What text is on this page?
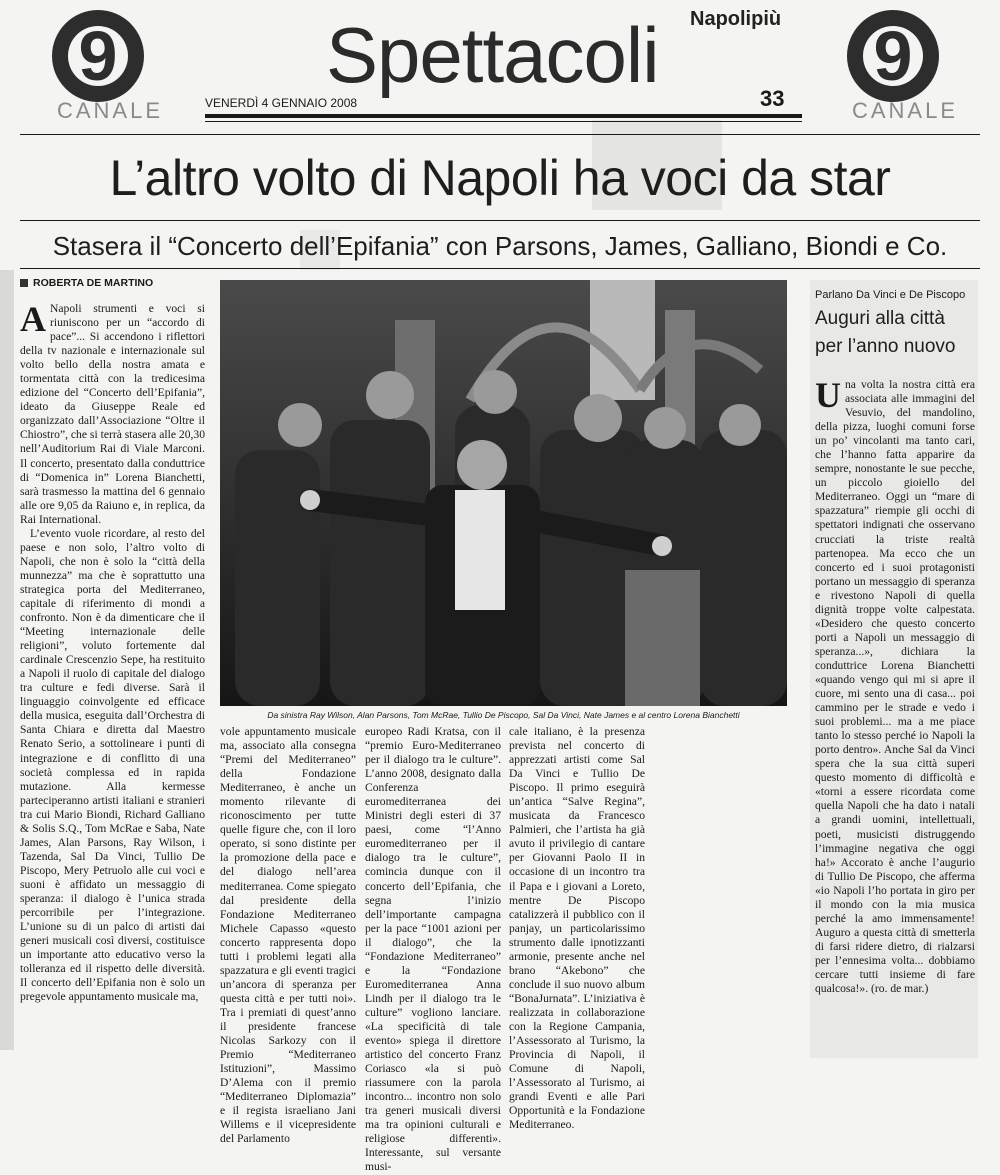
9
CANALE
9
CANALE
Napolipiù
Spettacoli
VENERDÌ 4 GENNAIO 2008	33
L’altro volto di Napoli ha voci da star
Stasera il “Concerto dell’Epifania” con Parsons, James, Galliano, Biondi e Co.
ROBERTA DE MARTINO

A Napoli strumenti e voci si riuniscono per un “accordo di pace”... Si accendono i riflettori della tv nazionale e internazionale sul volto bello della nostra amata e tormentata città con la tredicesima edizione del “Concerto dell’Epifania”, ideato da Giuseppe Reale ed organizzato dall’Associazione “Oltre il Chiostro”, che si terrà stasera alle 20,30 nell’Auditorium Rai di Viale Marconi. Il concerto, presentato dalla conduttrice di “Domenica in” Lorena Bianchetti, sarà trasmesso la mattina del 6 gennaio alle ore 9,05 da Raiuno e, in replica, da Rai International.

L’evento vuole ricordare, al resto del paese e non solo, l’altro volto di Napoli, che non è solo la “città della munnezza” ma che è soprattutto una strategica porta del Mediterraneo, capitale di riferimento di mondi a confronto. Non è da dimenticare che il “Meeting internazionale delle religioni”, voluto fortemente dal cardinale Crescenzio Sepe, ha restituito a Napoli il ruolo di capitale del dialogo tra culture e fedi diverse. Sarà il linguaggio coinvolgente ed efficace della musica, eseguita dall’Orchestra di Santa Chiara e diretta dal Maestro Renato Serio, a sottolineare i punti di integrazione e di conflitto di una società complessa ed in rapida mutazione. Alla kermesse parteciperanno artisti italiani e stranieri tra cui Mario Biondi, Richard Galliano & Solis S.Q., Tom McRae e Saba, Nate James, Alan Parsons, Ray Wilson, i Tazenda, Sal Da Vinci, Tullio De Piscopo, Mery Petruolo alle cui voci e suoni è affidato un messaggio di speranza: il dialogo è l’unica strada percorribile per l’integrazione. L’unione su di un palco di artisti dai generi musicali così diversi, costituisce un importante atto educativo verso la tolleranza ed il rispetto delle diversità. Il concerto dell’Epifania non è solo un pregevole appuntamento musicale ma,

Da sinistra Ray Wilson, Alan Parsons, Tom McRae, Tullio De Piscopo, Sal Da Vinci, Nate James e al centro Lorena Bianchetti
vole appuntamento musicale ma, associato alla consegna “Premi del Mediterraneo” della Fondazione Mediterraneo, è anche un momento rilevante di riconoscimento per tutte quelle figure che, con il loro operato, si sono distinte per la promozione della pace e del dialogo nell’area mediterranea. Come spiegato dal presidente della Fondazione Mediterraneo Michele Capasso «questo concerto rappresenta dopo tutti i problemi legati alla spazzatura e gli eventi tragici un’ancora di speranza per questa città e per tutti noi». Tra i premiati di quest’anno il presidente francese Nicolas Sarkozy con il Premio “Mediterraneo Istituzioni”, Massimo D’Alema con il premio “Mediterraneo Diplomazia” e il regista israeliano Jani Willems e il vicepresidente del Parlamento
europeo Radi Kratsa, con il “premio Euro-Mediterraneo per il dialogo tra le culture”. L’anno 2008, designato dalla Conferenza euromediterranea dei Ministri degli esteri di 37 paesi, come “l’Anno euromediterraneo per il dialogo tra le culture”, comincia dunque con il concerto dell’Epifania, che segna l’inizio dell’importante campagna per la pace “1001 azioni per il dialogo”, che la “Fondazione Mediterraneo” e la “Fondazione Euromediterranea Anna Lindh per il dialogo tra le culture” vogliono lanciare. «La specificità di tale evento» spiega il direttore artistico del concerto Franz Coriasco «la si può riassumere con la parola incontro... incontro non solo tra generi musicali diversi ma tra opinioni culturali e religiose differenti». Interessante, sul versante musi-
cale italiano, è la presenza prevista nel concerto di apprezzati artisti come Sal Da Vinci e Tullio De Piscopo. Il primo eseguirà un’antica “Salve Regina”, musicata da Francesco Palmieri, che l’artista ha già avuto il privilegio di cantare per Giovanni Paolo II in occasione di un incontro tra il Papa e i giovani a Loreto, mentre De Piscopo catalizzerà il pubblico con il panjay, un particolarissimo strumento dalle ipnotizzanti armonie, presente anche nel brano “Akebono” che conclude il suo nuovo album “BonaJurnata”. L’iniziativa è realizzata in collaborazione con la Regione Campania, l’Assessorato al Turismo, la Provincia di Napoli, il Comune di Napoli, l’Assessorato al Turismo, ai grandi Eventi e alle Pari Opportunità e la Fondazione Mediterraneo.
Parlano Da Vinci e De Piscopo
Auguri alla città per l’anno nuovo

Una volta la nostra città era associata alle immagini del Vesuvio, del mandolino, della pizza, luoghi comuni forse un po’ vincolanti ma tanto cari, che l’hanno fatta apparire da sempre, nonostante le sue pecche, un piccolo gioiello del Mediterraneo. Oggi un “mare di spazzatura” riempie gli occhi di spettatori indignati che osservano crucciati la triste realtà partenopea. Ma ecco che un concerto ed i suoi protagonisti portano un messaggio di speranza e rivestono Napoli di quella dignità troppe volte calpestata. «Desidero che questo concerto porti a Napoli un messaggio di speranza...», dichiara la conduttrice Lorena Bianchetti «quando vengo qui mi si apre il cuore, mi sento una di casa... poi cammino per le strade e vedo i suoi problemi... ma a me piace tanto lo stesso perché io Napoli la porto dentro». Anche Sal da Vinci spera che la sua città superi questo momento di difficoltà e «torni a essere ricordata come quella Napoli che ha dato i natali a grandi uomini, intellettuali, poeti, musicisti distruggendo l’immagine negativa che oggi ha!» Accorato è anche l’augurio di Tullio De Piscopo, che afferma «io Napoli l’ho portata in giro per il mondo con la mia musica perché la amo immensamente! Auguro a questa città di smetterla di farsi ridere dietro, di rialzarsi per l’ennesima volta... dobbiamo cercare tutti insieme di fare qualcosa!». (ro. de mar.)
